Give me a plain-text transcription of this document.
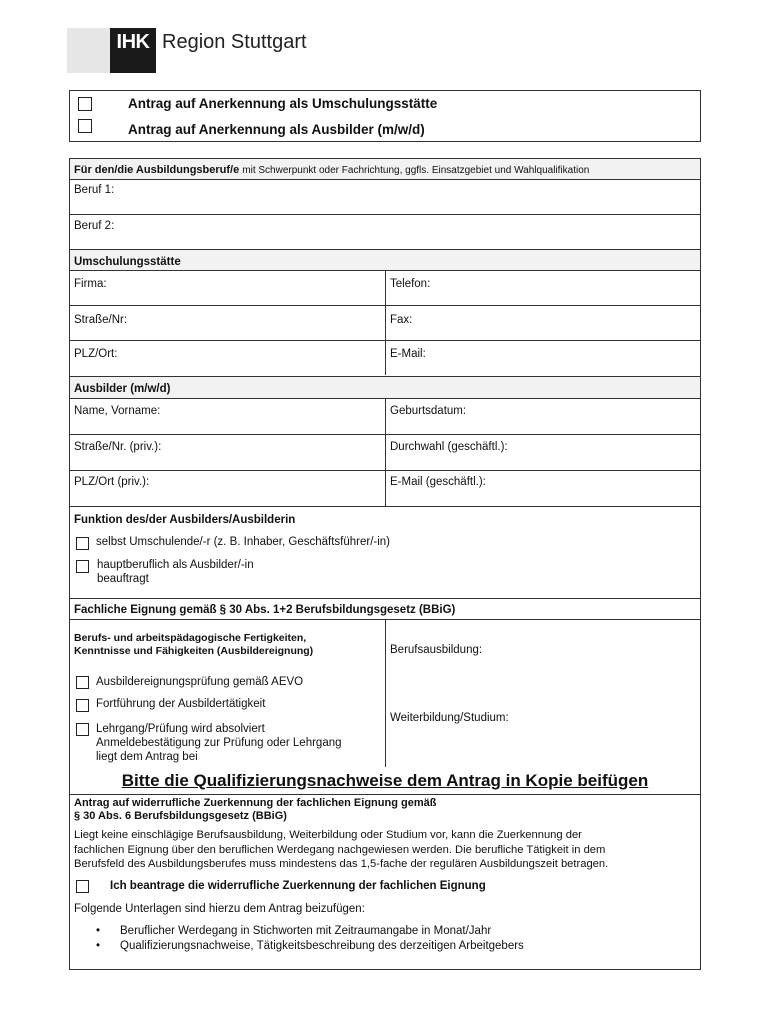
IHK Region Stuttgart
Antrag auf Anerkennung als Umschulungsstätte
Antrag auf Anerkennung als Ausbilder (m/w/d)
Für den/die Ausbildungsberuf/e mit Schwerpunkt oder Fachrichtung, ggfls. Einsatzgebiet und Wahlqualifikation
Beruf 1:
Beruf 2:
Umschulungsstätte
Firma:	Telefon:
Straße/Nr:	Fax:
PLZ/Ort:	E-Mail:
Ausbilder (m/w/d)
Name, Vorname:	Geburtsdatum:
Straße/Nr. (priv.):	Durchwahl (geschäftl.):
PLZ/Ort (priv.):	E-Mail (geschäftl.):
Funktion des/der Ausbilders/Ausbilderin
selbst Umschulende/-r (z. B. Inhaber, Geschäftsführer/-in)
hauptberuflich als Ausbilder/-in
beauftragt
Fachliche Eignung gemäß § 30 Abs. 1+2 Berufsbildungsgesetz (BBiG)
Berufs- und arbeitspädagogische Fertigkeiten,
Kenntnisse und Fähigkeiten (Ausbildereignung)
Ausbildereignungsprüfung gemäß AEVO
Fortführung der Ausbildertätigkeit
Lehrgang/Prüfung wird absolviert
Anmeldebestätigung zur Prüfung oder Lehrgang
liegt dem Antrag bei
Berufsausbildung:
Weiterbildung/Studium:
Bitte die Qualifizierungsnachweise dem Antrag in Kopie beifügen
Antrag auf widerrufliche Zuerkennung der fachlichen Eignung gemäß
§ 30 Abs. 6 Berufsbildungsgesetz (BBiG)
Liegt keine einschlägige Berufsausbildung, Weiterbildung oder Studium vor, kann die Zuerkennung der
fachlichen Eignung über den beruflichen Werdegang nachgewiesen werden. Die berufliche Tätigkeit in dem
Berufsfeld des Ausbildungsberufes muss mindestens das 1,5-fache der regulären Ausbildungszeit betragen.
Ich beantrage die widerrufliche Zuerkennung der fachlichen Eignung
Folgende Unterlagen sind hierzu dem Antrag beizufügen:
• Beruflicher Werdegang in Stichworten mit Zeitraumangabe in Monat/Jahr
• Qualifizierungsnachweise, Tätigkeitsbeschreibung des derzeitigen Arbeitgebers
